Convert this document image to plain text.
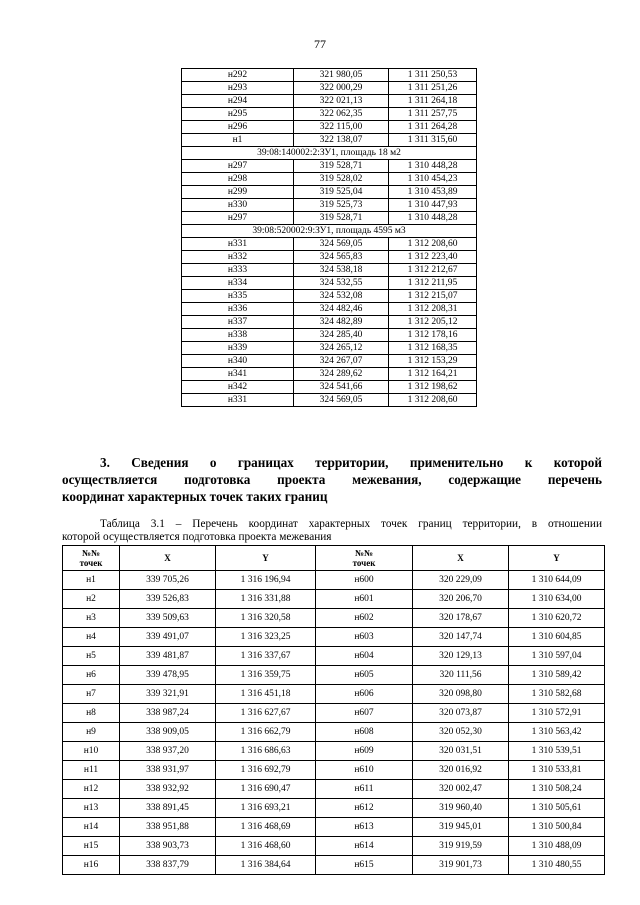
77
н292	321 980,05	1 311 250,53
н293	322 000,29	1 311 251,26
н294	322 021,13	1 311 264,18
н295	322 062,35	1 311 257,75
н296	322 115,00	1 311 264,28
н1	322 138,07	1 311 315,60
39:08:140002:2:ЗУ1, площадь 18 м2		
н297	319 528,71	1 310 448,28
н298	319 528,02	1 310 454,23
н299	319 525,04	1 310 453,89
н330	319 525,73	1 310 447,93
н297	319 528,71	1 310 448,28
39:08:520002:9:ЗУ1, площадь 4595 м3		
н331	324 569,05	1 312 208,60
н332	324 565,83	1 312 223,40
н333	324 538,18	1 312 212,67
н334	324 532,55	1 312 211,95
н335	324 532,08	1 312 215,07
н336	324 482,46	1 312 208,31
н337	324 482,89	1 312 205,12
н338	324 285,40	1 312 178,16
н339	324 265,12	1 312 168,35
н340	324 267,07	1 312 153,29
н341	324 289,62	1 312 164,21
н342	324 541,66	1 312 198,62
н331	324 569,05	1 312 208,60
3. Сведения о границах территории, применительно к которой
осуществляется подготовка проекта межевания, содержащие перечень
координат характерных точек таких границ
Таблица 3.1 – Перечень координат характерных точек границ территории, в отношении
которой осуществляется подготовка проекта межевания
№№
точек	X	Y	№№
точек	X	Y
н1	339 705,26	1 316 196,94	н600	320 229,09	1 310 644,09
н2	339 526,83	1 316 331,88	н601	320 206,70	1 310 634,00
н3	339 509,63	1 316 320,58	н602	320 178,67	1 310 620,72
н4	339 491,07	1 316 323,25	н603	320 147,74	1 310 604,85
н5	339 481,87	1 316 337,67	н604	320 129,13	1 310 597,04
н6	339 478,95	1 316 359,75	н605	320 111,56	1 310 589,42
н7	339 321,91	1 316 451,18	н606	320 098,80	1 310 582,68
н8	338 987,24	1 316 627,67	н607	320 073,87	1 310 572,91
н9	338 909,05	1 316 662,79	н608	320 052,30	1 310 563,42
н10	338 937,20	1 316 686,63	н609	320 031,51	1 310 539,51
н11	338 931,97	1 316 692,79	н610	320 016,92	1 310 533,81
н12	338 932,92	1 316 690,47	н611	320 002,47	1 310 508,24
н13	338 891,45	1 316 693,21	н612	319 960,40	1 310 505,61
н14	338 951,88	1 316 468,69	н613	319 945,01	1 310 500,84
н15	338 903,73	1 316 468,60	н614	319 919,59	1 310 488,09
н16	338 837,79	1 316 384,64	н615	319 901,73	1 310 480,55
